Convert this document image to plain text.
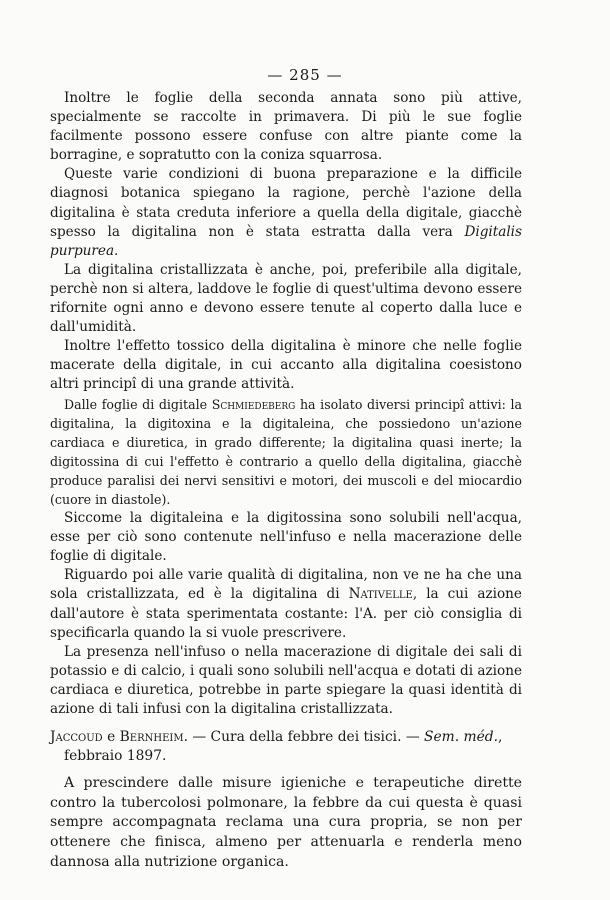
— 285 —

Inoltre le foglie della seconda annata sono più attive, specialmente se raccolte in primavera. Di più le sue foglie facilmente possono essere confuse con altre piante come la borragine, e sopratutto con la coniza squarrosa.

Queste varie condizioni di buona preparazione e la difficile diagnosi botanica spiegano la ragione, perchè l'azione della digitalina è stata creduta inferiore a quella della digitale, giacchè spesso la digitalina non è stata estratta dalla vera Digitalis purpurea.

La digitalina cristallizzata è anche, poi, preferibile alla digitale, perchè non si altera, laddove le foglie di quest'ultima devono essere rifornite ogni anno e devono essere tenute al coperto dalla luce e dall'umidità.

Inoltre l'effetto tossico della digitalina è minore che nelle foglie macerate della digitale, in cui accanto alla digitalina coesistono altri principî di una grande attività.

Dalle foglie di digitale Schmiedeberg ha isolato diversi principî attivi: la digitalina, la digitoxina e la digitaleina, che possiedono un'azione cardiaca e diuretica, in grado differente; la digitalina quasi inerte; la digitossina di cui l'effetto è contrario a quello della digitalina, giacchè produce paralisi dei nervi sensitivi e motori, dei muscoli e del miocardio (cuore in diastole).

Siccome la digitaleina e la digitossina sono solubili nell'acqua, esse per ciò sono contenute nell'infuso e nella macerazione delle foglie di digitale.

Riguardo poi alle varie qualità di digitalina, non ve ne ha che una sola cristallizzata, ed è la digitalina di Nativelle, la cui azione dall'autore è stata sperimentata costante: l'A. per ciò consiglia di specificarla quando la si vuole prescrivere.

La presenza nell'infuso o nella macerazione di digitale dei sali di potassio e di calcio, i quali sono solubili nell'acqua e dotati di azione cardiaca e diuretica, potrebbe in parte spiegare la quasi identità di azione di tali infusi con la digitalina cristallizzata.

Jaccoud e Bernheim. — Cura della febbre dei tisici. — Sem. méd.,
febbraio 1897.

A prescindere dalle misure igieniche e terapeutiche dirette contro la tubercolosi polmonare, la febbre da cui questa è quasi sempre accompagnata reclama una cura propria, se non per ottenere che finisca, almeno per attenuarla e renderla meno dannosa alla nutrizione organica.
